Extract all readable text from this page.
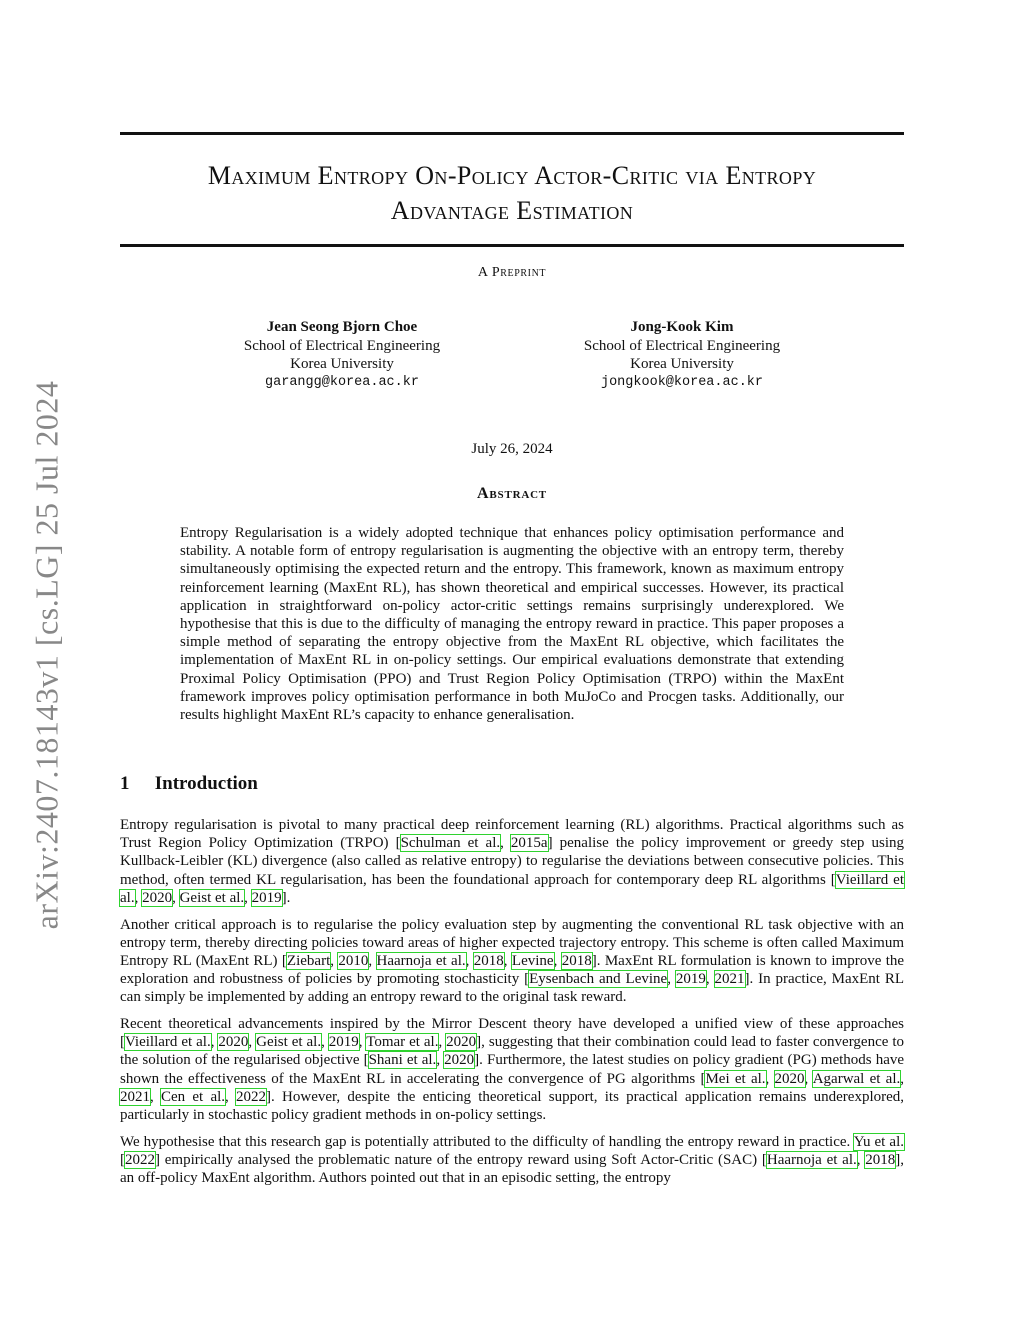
arXiv:2407.18143v1 [cs.LG] 25 Jul 2024
Maximum Entropy On-Policy Actor-Critic via Entropy
Advantage Estimation
A Preprint
Jean Seong Bjorn Choe
School of Electrical Engineering
Korea University
garangg@korea.ac.kr
Jong-Kook Kim
School of Electrical Engineering
Korea University
jongkook@korea.ac.kr
July 26, 2024
Abstract
Entropy Regularisation is a widely adopted technique that enhances policy optimisation performance and stability. A notable form of entropy regularisation is augmenting the objective with an entropy term, thereby simultaneously optimising the expected return and the entropy. This framework, known as maximum entropy reinforcement learning (MaxEnt RL), has shown theoretical and empirical successes. However, its practical application in straightforward on-policy actor-critic settings remains surprisingly underexplored. We hypothesise that this is due to the difficulty of managing the entropy reward in practice. This paper proposes a simple method of separating the entropy objective from the MaxEnt RL objective, which facilitates the implementation of MaxEnt RL in on-policy settings. Our empirical evaluations demonstrate that extending Proximal Policy Optimisation (PPO) and Trust Region Policy Optimisation (TRPO) within the MaxEnt framework improves policy optimisation performance in both MuJoCo and Procgen tasks. Additionally, our results highlight MaxEnt RL’s capacity to enhance generalisation.
1 Introduction

Entropy regularisation is pivotal to many practical deep reinforcement learning (RL) algorithms. Practical algorithms such as Trust Region Policy Optimization (TRPO) [Schulman et al., 2015a] penalise the policy improvement or greedy step using Kullback-Leibler (KL) divergence (also called as relative entropy) to regularise the deviations between consecutive policies. This method, often termed KL regularisation, has been the foundational approach for contemporary deep RL algorithms [Vieillard et al., 2020, Geist et al., 2019].

Another critical approach is to regularise the policy evaluation step by augmenting the conventional RL task objective with an entropy term, thereby directing policies toward areas of higher expected trajectory entropy. This scheme is often called Maximum Entropy RL (MaxEnt RL) [Ziebart, 2010, Haarnoja et al., 2018, Levine, 2018]. MaxEnt RL formulation is known to improve the exploration and robustness of policies by promoting stochasticity [Eysenbach and Levine, 2019, 2021]. In practice, MaxEnt RL can simply be implemented by adding an entropy reward to the original task reward.

Recent theoretical advancements inspired by the Mirror Descent theory have developed a unified view of these approaches [Vieillard et al., 2020, Geist et al., 2019, Tomar et al., 2020], suggesting that their combination could lead to faster convergence to the solution of the regularised objective [Shani et al., 2020]. Furthermore, the latest studies on policy gradient (PG) methods have shown the effectiveness of the MaxEnt RL in accelerating the convergence of PG algorithms [Mei et al., 2020, Agarwal et al., 2021, Cen et al., 2022]. However, despite the enticing theoretical support, its practical application remains underexplored, particularly in stochastic policy gradient methods in on-policy settings.

We hypothesise that this research gap is potentially attributed to the difficulty of handling the entropy reward in practice. Yu et al. [2022] empirically analysed the problematic nature of the entropy reward using Soft Actor-Critic (SAC) [Haarnoja et al., 2018], an off-policy MaxEnt algorithm. Authors pointed out that in an episodic setting, the entropy
